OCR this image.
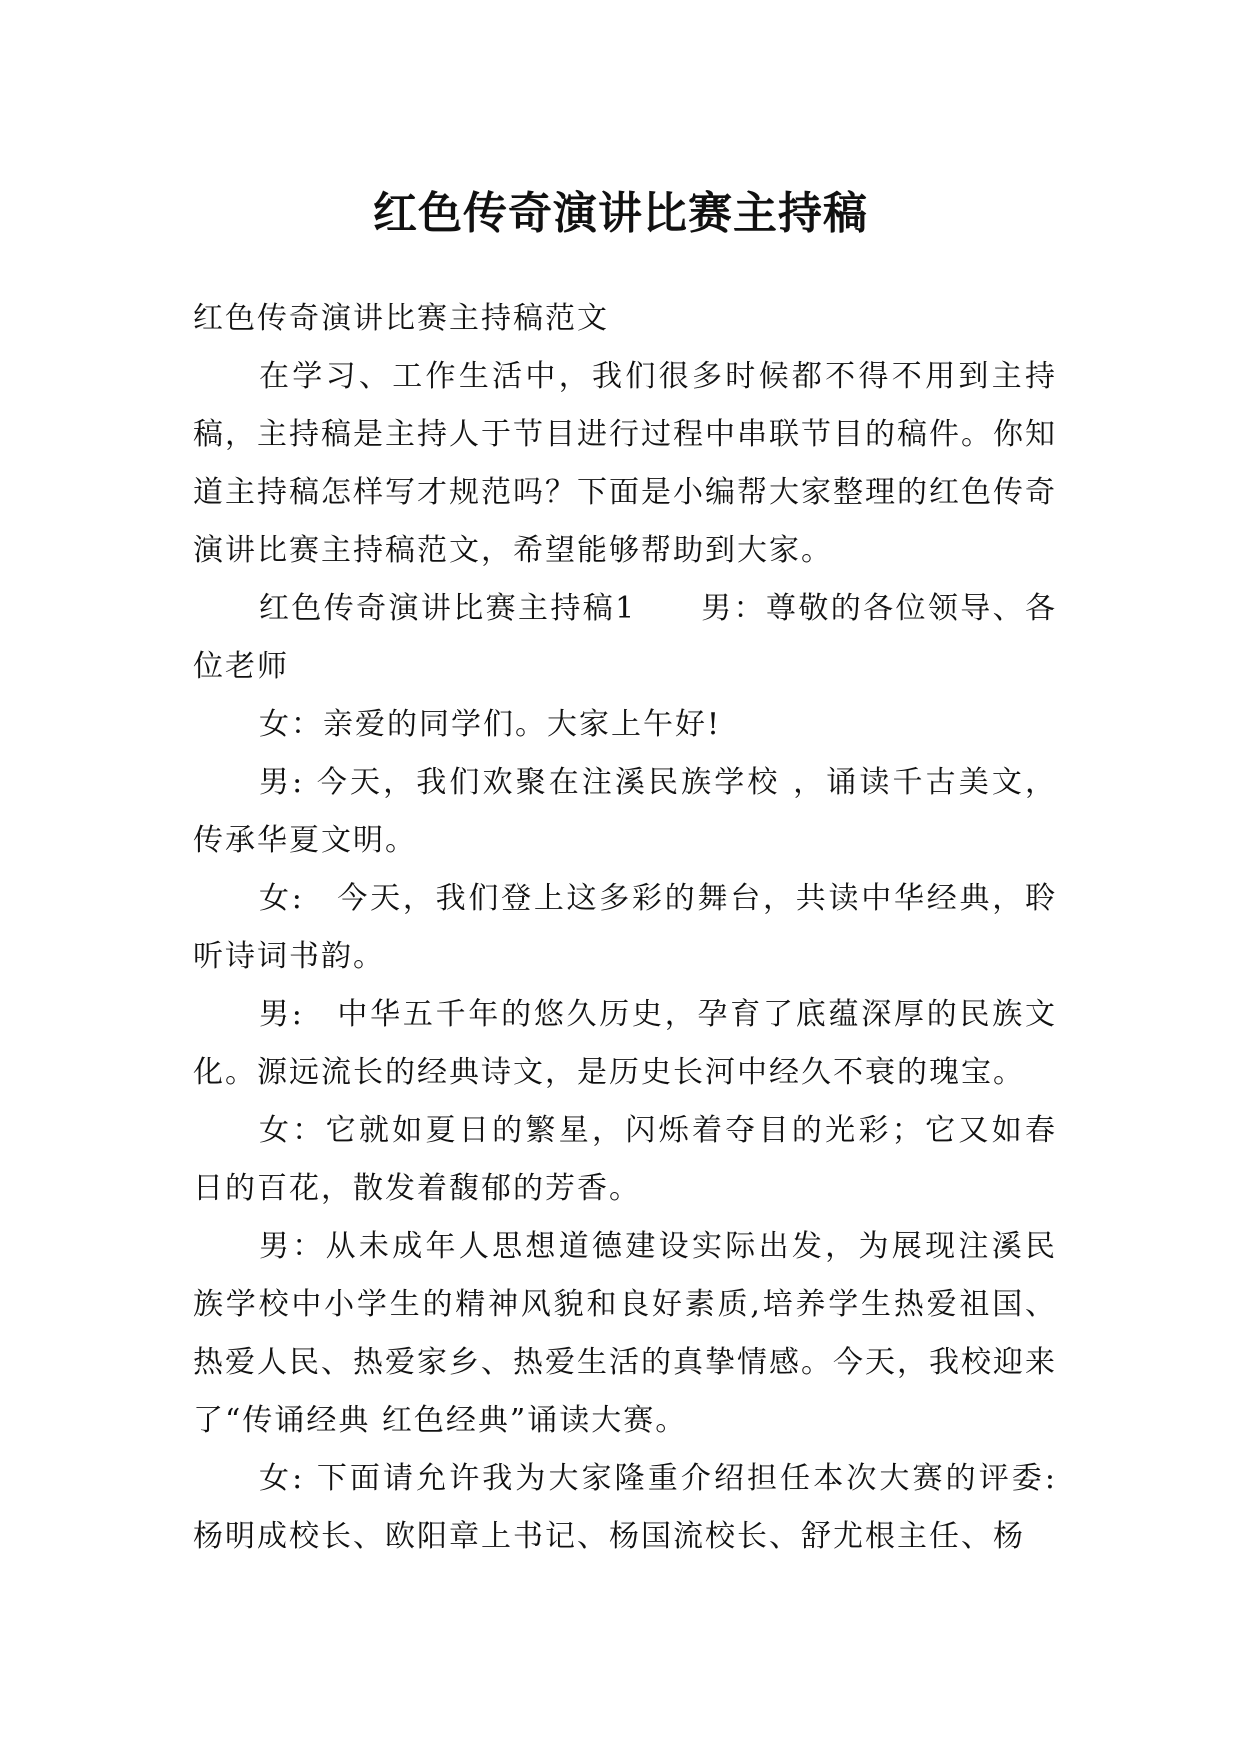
红色传奇演讲比赛主持稿

红色传奇演讲比赛主持稿范文

在学习、工作生活中，我们很多时候都不得不用到主持稿，主持稿是主持人于节目进行过程中串联节目的稿件。你知道主持稿怎样写才规范吗？下面是小编帮大家整理的红色传奇演讲比赛主持稿范文，希望能够帮助到大家。

红色传奇演讲比赛主持稿1　　男：尊敬的各位领导、各位老师

女：亲爱的同学们。大家上午好!

男: 今天，我们欢聚在注溪民族学校 ，诵读千古美文，传承华夏文明。

女:　今天，我们登上这多彩的舞台，共读中华经典，聆听诗词书韵。

男:　中华五千年的悠久历史，孕育了底蕴深厚的民族文化。源远流长的经典诗文，是历史长河中经久不衰的瑰宝。

女：它就如夏日的繁星，闪烁着夺目的光彩；它又如春日的百花，散发着馥郁的芳香。

男：从未成年人思想道德建设实际出发，为展现注溪民族学校中小学生的精神风貌和良好素质,培养学生热爱祖国、热爱人民、热爱家乡、热爱生活的真挚情感。今天，我校迎来了“传诵经典 红色经典”诵读大赛。

女: 下面请允许我为大家隆重介绍担任本次大赛的评委: 杨明成校长、欧阳章上书记、杨国流校长、舒尤根主任、杨
